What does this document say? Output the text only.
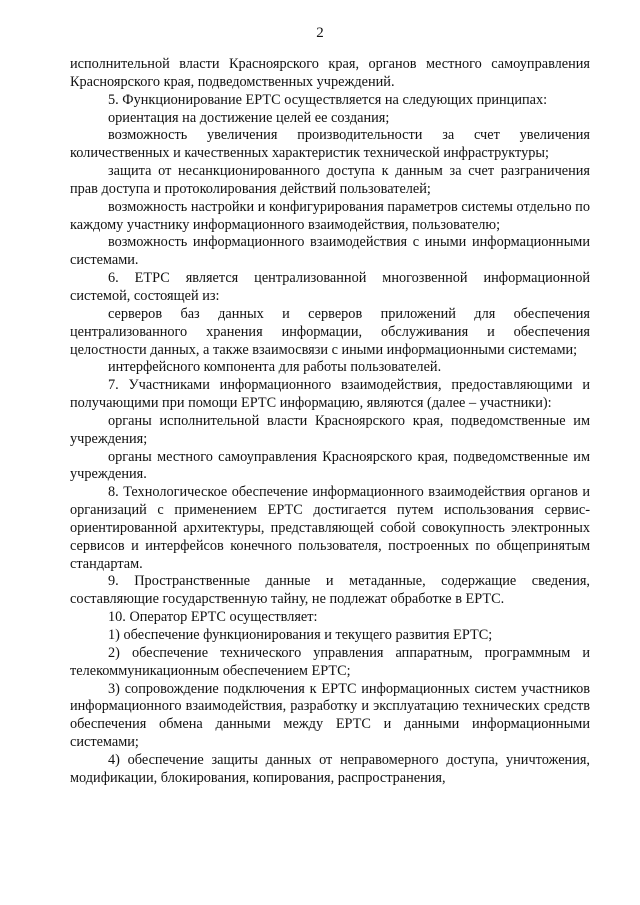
2

исполнительной власти Красноярского края, органов местного самоуправления Красноярского края, подведомственных учреждений.

5. Функционирование ЕРТС осуществляется на следующих принципах:

ориентация на достижение целей ее создания;

возможность увеличения производительности за счет увеличения количественных и качественных характеристик технической инфраструктуры;

защита от несанкционированного доступа к данным за счет разграничения прав доступа и протоколирования действий пользователей;

возможность настройки и конфигурирования параметров системы отдельно по каждому участнику информационного взаимодействия, пользователю;

возможность информационного взаимодействия с иными информационными системами.

6. ЕТРС является централизованной многозвенной информационной системой, состоящей из:

серверов баз данных и серверов приложений для обеспечения централизованного хранения информации, обслуживания и обеспечения целостности данных, а также взаимосвязи с иными информационными системами;

интерфейсного компонента для работы пользователей.

7. Участниками информационного взаимодействия, предоставляющими и получающими при помощи ЕРТС информацию, являются (далее – участники):

органы исполнительной власти Красноярского края, подведомственные им учреждения;

органы местного самоуправления Красноярского края, подведомственные им учреждения.

8. Технологическое обеспечение информационного взаимодействия органов и организаций с применением ЕРТС достигается путем использования сервис-ориентированной архитектуры, представляющей собой совокупность электронных сервисов и интерфейсов конечного пользователя, построенных по общепринятым стандартам.

9. Пространственные данные и метаданные, содержащие сведения, составляющие государственную тайну, не подлежат обработке в ЕРТС.

10. Оператор ЕРТС осуществляет:

1) обеспечение функционирования и текущего развития ЕРТС;

2) обеспечение технического управления аппаратным, программным и телекоммуникационным обеспечением ЕРТС;

3) сопровождение подключения к ЕРТС информационных систем участников информационного взаимодействия, разработку и эксплуатацию технических средств обеспечения обмена данными между ЕРТС и данными информационными системами;

4) обеспечение защиты данных от неправомерного доступа, уничтожения, модификации, блокирования, копирования, распространения,
